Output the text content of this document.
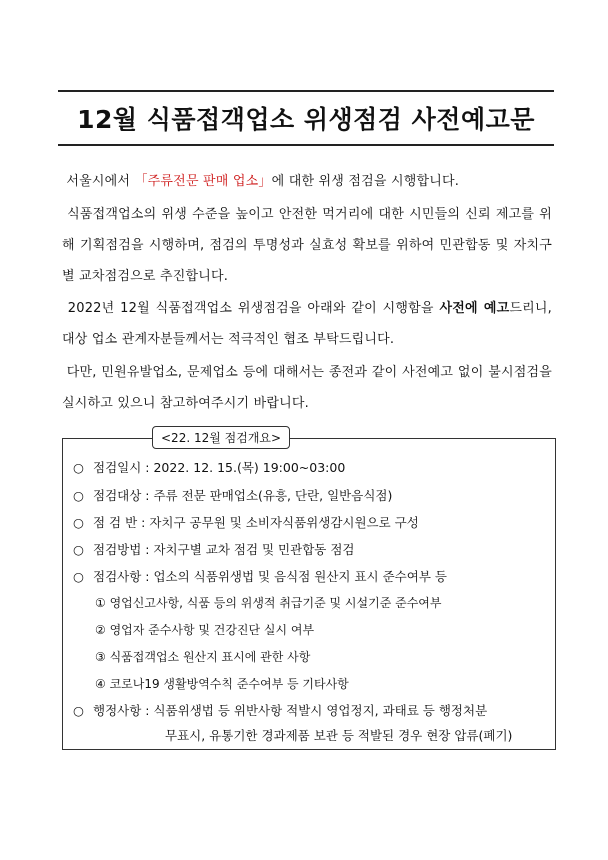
12월 식품접객업소 위생점검 사전예고문
서울시에서 「주류전문 판매 업소」에 대한 위생 점검을 시행합니다.
식품접객업소의 위생 수준을 높이고 안전한 먹거리에 대한 시민들의 신뢰 제고를 위해 기획점검을 시행하며, 점검의 투명성과 실효성 확보를 위하여 민관합동 및 자치구별 교차점검으로 추진합니다.
2022년 12월 식품접객업소 위생점검을 아래와 같이 시행함을 사전에 예고드리니, 대상 업소 관계자분들께서는 적극적인 협조 부탁드립니다.
다만, 민원유발업소, 문제업소 등에 대해서는 종전과 같이 사전예고 없이 불시점검을 실시하고 있으니 참고하여주시기 바랍니다.
<22. 12월 점검개요>
○ 점검일시 : 2022. 12. 15.(목) 19:00~03:00
○ 점검대상 : 주류 전문 판매업소(유흥, 단란, 일반음식점)
○ 점 검 반 : 자치구 공무원 및 소비자식품위생감시원으로 구성
○ 점검방법 : 자치구별 교차 점검 및 민관합동 점검
○ 점검사항 : 업소의 식품위생법 및 음식점 원산지 표시 준수여부 등
① 영업신고사항, 식품 등의 위생적 취급기준 및 시설기준 준수여부
② 영업자 준수사항 및 건강진단 실시 여부
③ 식품접객업소 원산지 표시에 관한 사항
④ 코로나19 생활방역수칙 준수여부 등 기타사항
○ 행정사항 : 식품위생법 등 위반사항 적발시 영업정지, 과태료 등 행정처분
무표시, 유통기한 경과제품 보관 등 적발된 경우 현장 압류(폐기)
